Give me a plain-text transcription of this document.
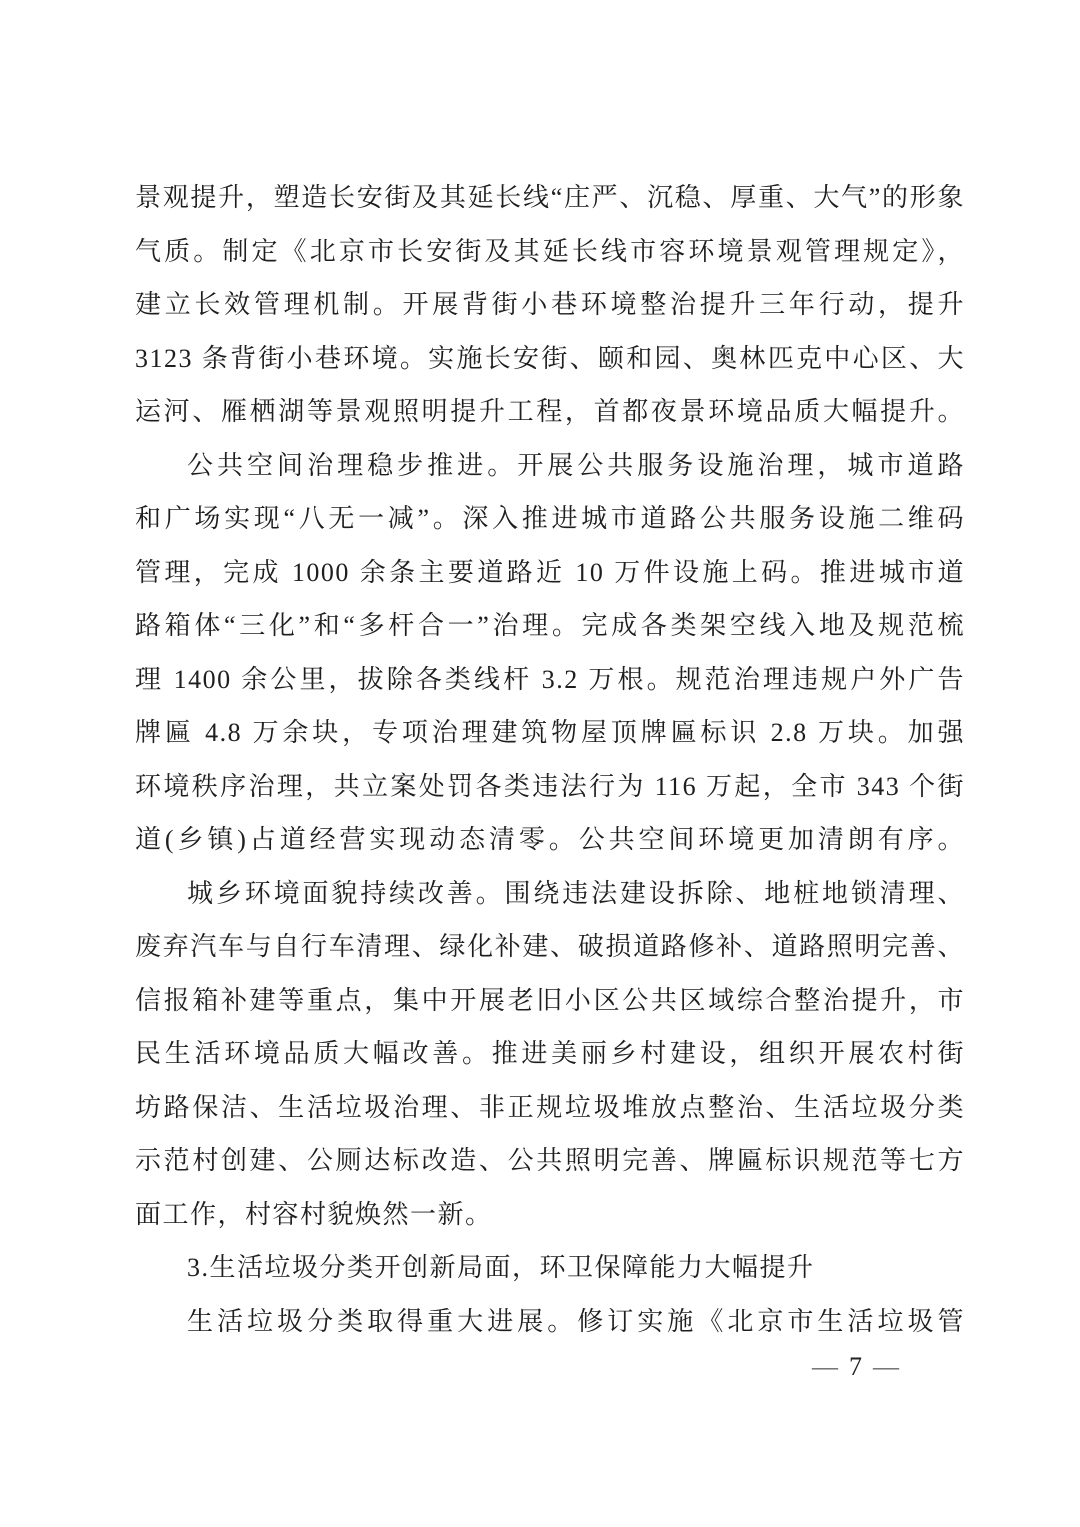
景观提升，塑造长安街及其延长线“庄严、沉稳、厚重、大气”的形象

气质。制定《北京市长安街及其延长线市容环境景观管理规定》，

建立长效管理机制。开展背街小巷环境整治提升三年行动，提升

3123 条背街小巷环境。实施长安街、颐和园、奥林匹克中心区、大

运河、雁栖湖等景观照明提升工程，首都夜景环境品质大幅提升。

公共空间治理稳步推进。开展公共服务设施治理，城市道路

和广场实现“八无一减”。深入推进城市道路公共服务设施二维码

管理，完成 1000 余条主要道路近 10 万件设施上码。推进城市道

路箱体“三化”和“多杆合一”治理。完成各类架空线入地及规范梳

理 1400 余公里，拔除各类线杆 3.2 万根。规范治理违规户外广告

牌匾 4.8 万余块，专项治理建筑物屋顶牌匾标识 2.8 万块。加强

环境秩序治理，共立案处罚各类违法行为 116 万起，全市 343 个街

道(乡镇)占道经营实现动态清零。公共空间环境更加清朗有序。

城乡环境面貌持续改善。围绕违法建设拆除、地桩地锁清理、

废弃汽车与自行车清理、绿化补建、破损道路修补、道路照明完善、

信报箱补建等重点，集中开展老旧小区公共区域综合整治提升，市

民生活环境品质大幅改善。推进美丽乡村建设，组织开展农村街

坊路保洁、生活垃圾治理、非正规垃圾堆放点整治、生活垃圾分类

示范村创建、公厕达标改造、公共照明完善、牌匾标识规范等七方

面工作，村容村貌焕然一新。

3.生活垃圾分类开创新局面，环卫保障能力大幅提升

生活垃圾分类取得重大进展。修订实施《北京市生活垃圾管

— 7 —
